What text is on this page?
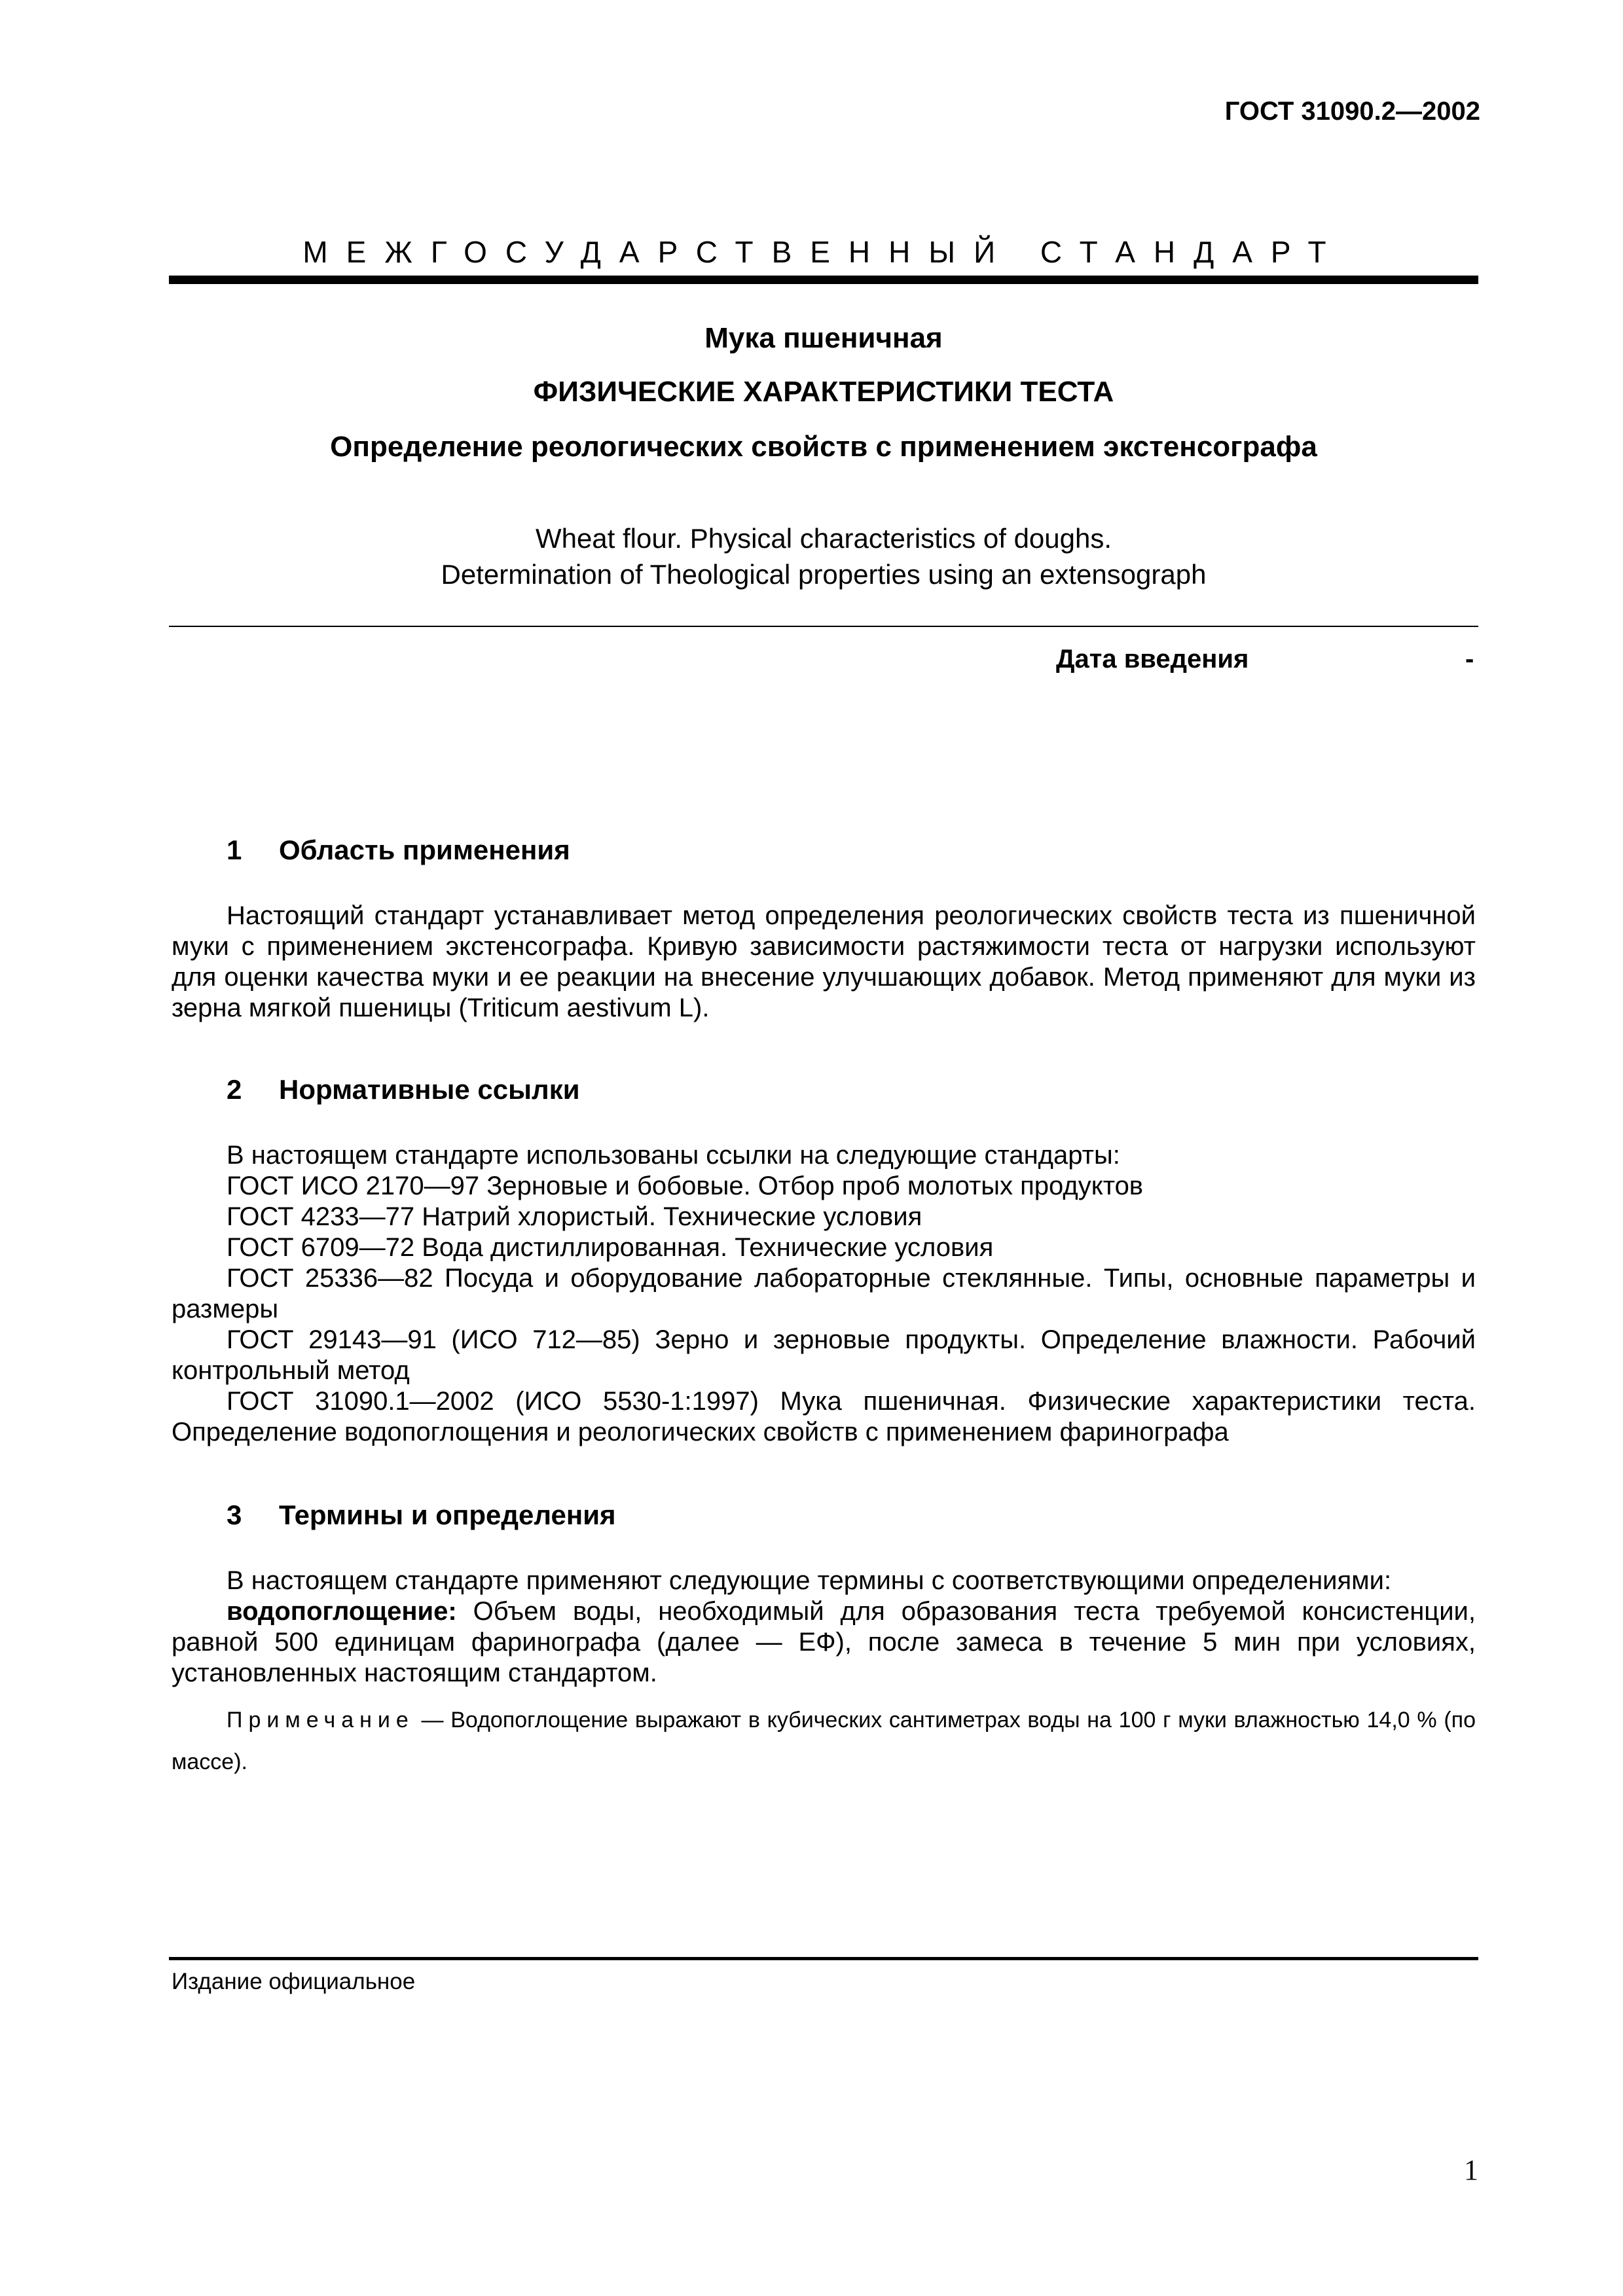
ГОСТ 31090.2—2002
МЕЖГОСУДАРСТВЕННЫЙ СТАНДАРТ
Мука пшеничная
ФИЗИЧЕСКИЕ ХАРАКТЕРИСТИКИ ТЕСТА
Определение реологических свойств с применением экстенсографа
Wheat flour. Physical characteristics of doughs.
Determination of Theological properties using an extensograph
Дата введения	-
1 Область применения

Настоящий стандарт устанавливает метод определения реологических свойств теста из пшеничной муки с применением экстенсографа. Кривую зависимости растяжимости теста от нагрузки используют для оценки качества муки и ее реакции на внесение улучшающих добавок. Метод применяют для муки из зерна мягкой пшеницы (Triticum aestivum L).

2 Нормативные ссылки

В настоящем стандарте использованы ссылки на следующие стандарты:

ГОСТ ИСО 2170—97 Зерновые и бобовые. Отбор проб молотых продуктов

ГОСТ 4233—77 Натрий хлористый. Технические условия

ГОСТ 6709—72 Вода дистиллированная. Технические условия

ГОСТ 25336—82 Посуда и оборудование лабораторные стеклянные. Типы, основные параметры и размеры

ГОСТ 29143—91 (ИСО 712—85) Зерно и зерновые продукты. Определение влажности. Рабочий контрольный метод

ГОСТ 31090.1—2002 (ИСО 5530-1:1997) Мука пшеничная. Физические характеристики теста. Определение водопоглощения и реологических свойств с применением фаринографа

3 Термины и определения

В настоящем стандарте применяют следующие термины с соответствующими определениями:

водопоглощение: Объем воды, необходимый для образования теста требуемой консистенции, равной 500 единицам фаринографа (далее — ЕФ), после замеса в течение 5 мин при условиях, установленных настоящим стандартом.

Примечание — Водопоглощение выражают в кубических сантиметрах воды на 100 г муки влажностью 14,0 % (по массе).

Издание официальное
1
